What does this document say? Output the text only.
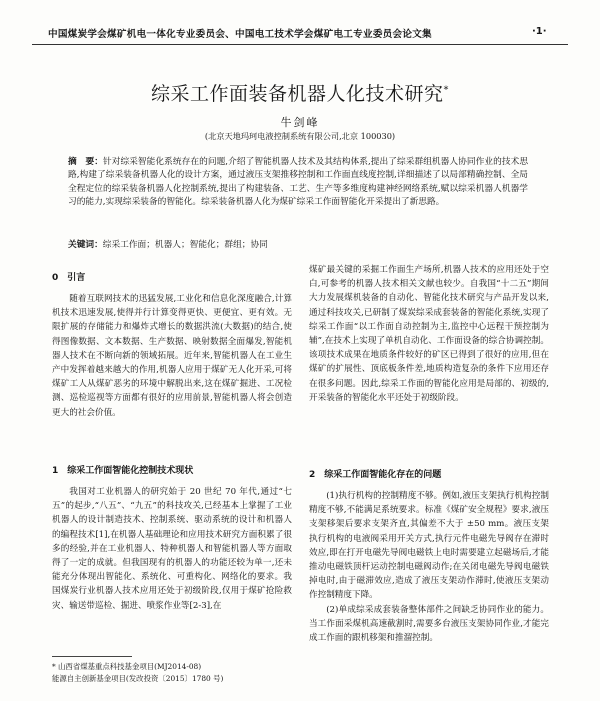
中国煤炭学会煤矿机电一体化专业委员会、中国电工技术学会煤矿电工专业委员会论文集	·1·
综采工作面装备机器人化技术研究*
牛剑峰
(北京天地玛珂电液控制系统有限公司,北京 100030)
摘　要：针对综采智能化系统存在的问题,介绍了智能机器人技术及其结构体系,提出了综采群组机器人协同作业的技术思路,构建了综采装备机器人化的设计方案，通过液压支架推移控制和工作面直线度控制,详细描述了以局部精确控制、全局全程定位的综采装备机器人化控制系统,提出了构建装备、工艺、生产等多维度构建神经网络系统,赋以综采机器人机器学习的能力,实现综采装备的智能化。综采装备机器人化为煤矿综采工作面智能化开采提出了新思路。
关键词：综采工作面；机器人；智能化；群组；协同
0　引言

随着互联网技术的迅猛发展,工业化和信息化深度融合,计算机技术迅速发展,使得并行计算变得更快、更便宜、更有效。无限扩展的存储能力和爆炸式增长的数据洪流(大数据)的结合,使得图像数据、文本数据、生产数据、映射数据全面爆发,智能机器人技术在不断向新的领域拓展。近年来,智能机器人在工业生产中发挥着越来越大的作用,机器人应用于煤矿无人化开采,可将煤矿工人从煤矿恶劣的环境中解脱出来,这在煤矿掘进、工况检测、巡检巡视等方面都有很好的应用前景,智能机器人将会创造更大的社会价值。

1　综采工作面智能化控制技术现状

我国对工业机器人的研究始于 20 世纪 70 年代,通过“七五”的起步,“八五”、“九五”的科技攻关,已经基本上掌握了工业机器人的设计制造技术、控制系统、驱动系统的设计和机器人的编程技术[1],在机器人基础理论和应用技术研究方面积累了很多的经验,并在工业机器人、特种机器人和智能机器人等方面取得了一定的成就。但我国现有的机器人的功能还较为单一,还未能充分体现出智能化、系统化、可重构化、网络化的要求。我国煤炭行业机器人技术应用还处于初级阶段,仅用于煤矿抢险救灾、输送带巡检、掘进、喷浆作业等[2-3],在

煤矿最关键的采掘工作面生产场所,机器人技术的应用还处于空白,可参考的机器人技术相关文献也较少。自我国“十二五”期间大力发展煤机装备的自动化、智能化技术研究与产品开发以来,通过科技攻关,已研制了煤炭综采成套装备的智能化系统,实现了综采工作面“以工作面自动控制为主,监控中心远程干预控制为辅”,在技术上实现了单机自动化、工作面设备的综合协调控制。该项技术成果在地质条件较好的矿区已得到了很好的应用,但在煤矿的扩展性、顶底板条件差,地质构造复杂的条件下应用还存在很多问题。因此,综采工作面的智能化应用是局部的、初级的,开采装备的智能化水平还处于初级阶段。

2　综采工作面智能化存在的问题

(1)执行机构的控制精度不够。例如,液压支架执行机构控制精度不够,不能满足系统要求。标准《煤矿安全规程》要求,液压支架移架后要求支架齐直,其偏差不大于 ±50 mm。液压支架执行机构的电液阀采用开关方式,执行元件电磁先导阀存在滞时效应,即在打开电磁先导阀电磁铁上电时需要建立起磁场后,才能推动电磁铁顶杆运动控制电磁阀动作;在关闭电磁先导阀电磁铁掉电时,由于磁滞效应,造成了液压支架动作滞时,使液压支架动作控制精度下降。

(2)单成综采成套装备整体部件之间缺乏协同作业的能力。当工作面采煤机高速截割时,需要多台液压支架协同作业,才能完成工作面的跟机移架和推溜控制。

* 山西省煤基重点科技基金项目(MJ2014-08)
能源自主创新基金项目(发改投资〔2015〕1780 号)
